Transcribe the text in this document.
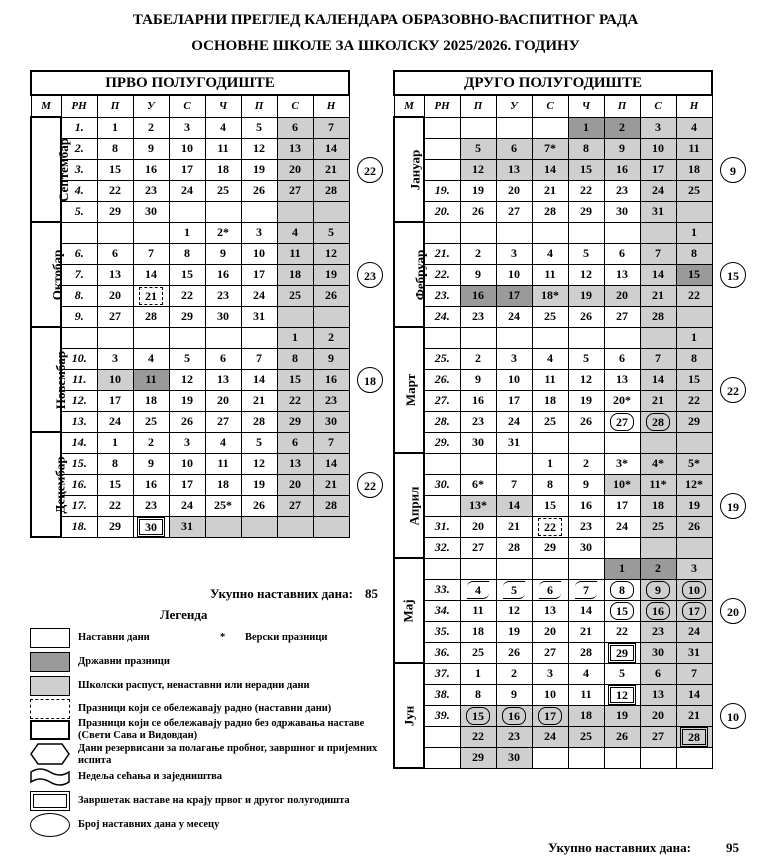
ТАБЕЛАРНИ ПРЕГЛЕД КАЛЕНДАРА ОБРАЗОВНО-ВАСПИТНОГ РАДА
ОСНОВНЕ ШКОЛЕ ЗА ШКОЛСКУ 2025/2026. ГОДИНУ
ПРВО ПОЛУГОДИШТЕ								
М	РН	П	У	С	Ч	П	С	Н
Септембар	1.	1	2	3	4	5	6	7
	2.	8	9	10	11	12	13	14
	3.	15	16	17	18	19	20	21
	4.	22	23	24	25	26	27	28
	5.	29	30					
Октобар				1	2*	3	4	5
	6.	6	7	8	9	10	11	12
	7.	13	14	15	16	17	18	19
	8.	20	21	22	23	24	25	26
	9.	27	28	29	30	31		
Новембар							1	2
	10.	3	4	5	6	7	8	9
	11.	10	11	12	13	14	15	16
	12.	17	18	19	20	21	22	23
	13.	24	25	26	27	28	29	30
Децембар	14.	1	2	3	4	5	6	7
	15.	8	9	10	11	12	13	14
	16.	15	16	17	18	19	20	21
	17.	22	23	24	25*	26	27	28
	18.	29	30	31				
ДРУГО ПОЛУГОДИШТЕ								
М	РН	П	У	С	Ч	П	С	Н
Јануар					1	2	3	4
		5	6	7*	8	9	10	11
		12	13	14	15	16	17	18
	19.	19	20	21	22	23	24	25
	20.	26	27	28	29	30	31	
Фебруар								1
	21.	2	3	4	5	6	7	8
	22.	9	10	11	12	13	14	15
	23.	16	17	18*	19	20	21	22
	24.	23	24	25	26	27	28	
Март								1
	25.	2	3	4	5	6	7	8
	26.	9	10	11	12	13	14	15
	27.	16	17	18	19	20*	21	22
	28.	23	24	25	26	27	28	29
	29.	30	31					
Април				1	2	3*	4*	5*
	30.	6*	7	8	9	10*	11*	12*
		13*	14	15	16	17	18	19
	31.	20	21	22	23	24	25	26
	32.	27	28	29	30			
Мај						1	2	3
	33.	4	5	6	7	8	9	10
	34.	11	12	13	14	15	16	17
	35.	18	19	20	21	22	23	24
	36.	25	26	27	28	29	30	31
Јун	37.	1	2	3	4	5	6	7
	38.	8	9	10	11	12	13	14
	39.	15	16	17	18	19	20	21
		22	23	24	25	26	27	28
		29	30					
22
23
18
22
9
15
22
19
20
10
Укупно наставних дана: 85
Укупно наставних дана:	95
Легенда
Наставни дани	*	Верски празници
Државни празници
Школски распуст, ненаставни или нерадни дани
Празници који се обележавају радно (наставни дани)
Празници који се обележавају радно без одржавања наставе (Свети Сава и Видовдан)
Дани резервисани за полагање пробног, завршног и пријемних испита
Недеља сећања и заједништва
Завршетак наставе на крају првог и другог полугодишта
Број наставних дана у месецу
